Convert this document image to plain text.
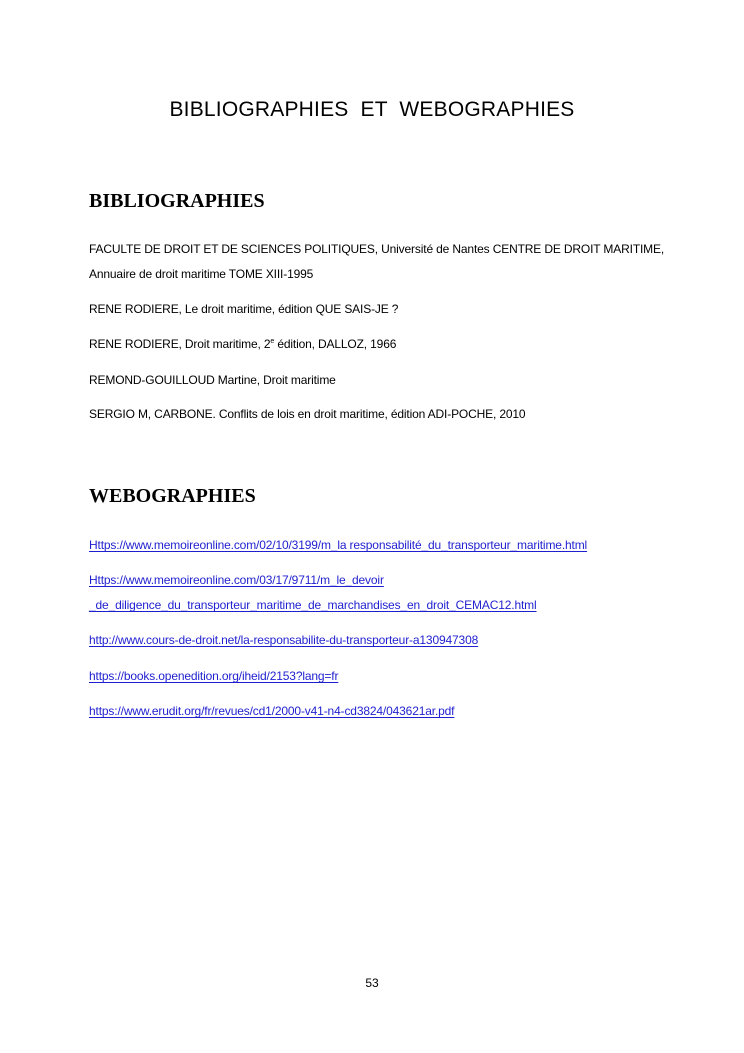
BIBLIOGRAPHIES ET WEBOGRAPHIES
BIBLIOGRAPHIES
FACULTE DE DROIT ET DE SCIENCES POLITIQUES, Université de Nantes CENTRE DE DROIT MARITIME,
Annuaire de droit maritime TOME XIII-1995
RENE RODIERE, Le droit maritime, édition QUE SAIS-JE ?
RENE RODIERE, Droit maritime, 2e édition, DALLOZ, 1966
REMOND-GOUILLOUD Martine, Droit maritime
SERGIO M, CARBONE. Conflits de lois en droit maritime, édition ADI-POCHE, 2010
WEBOGRAPHIES
Https://www.memoireonline.com/02/10/3199/m_la responsabilité_du_transporteur_maritime.html
Https://www.memoireonline.com/03/17/9711/m_le_devoir
_de_diligence_du_transporteur_maritime_de_marchandises_en_droit_CEMAC12.html
http://www.cours-de-droit.net/la-responsabilite-du-transporteur-a130947308
https://books.openedition.org/iheid/2153?lang=fr
https://www.erudit.org/fr/revues/cd1/2000-v41-n4-cd3824/043621ar.pdf
53
